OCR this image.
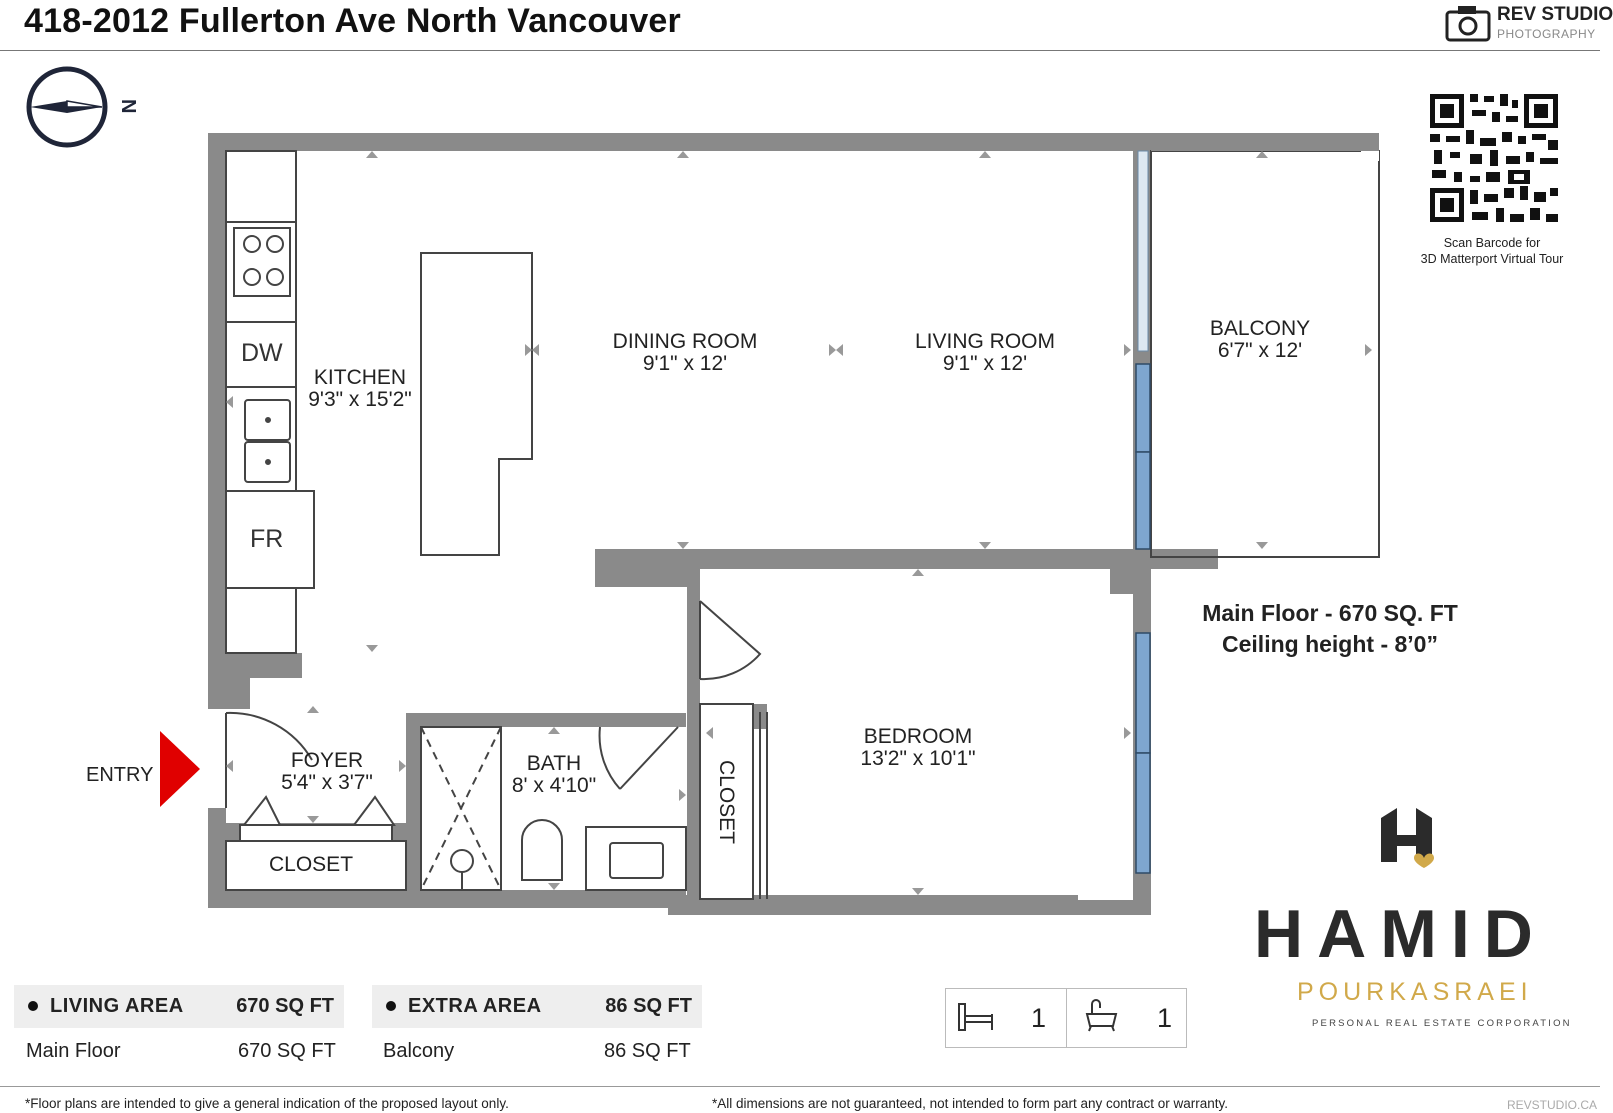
418-2012 Fullerton Ave North Vancouver	REV STUDIO
PHOTOGRAPHY
N
KITCHEN
9'3" x 15'2"
DINING ROOM
9'1" x 12'
LIVING ROOM
9'1" x 12'
BALCONY
6'7" x 12'
BEDROOM
13'2" x 10'1"
FOYER
5'4" x 3'7"
BATH
8' x 4'10"
DW
FR
CLOSET
CLOSET
ENTRY
Scan Barcode for
3D Matterport Virtual Tour
Main Floor - 670 SQ. FT
Ceiling height - 8’0”
LIVING AREA	670 SQ FT
Main Floor	670 SQ FT
EXTRA AREA	86 SQ FT
Balcony	86 SQ FT
1	1
HAMID
POURKASRAEI
PERSONAL REAL ESTATE CORPORATION
*Floor plans are intended to give a general indication of the proposed layout only.	*All dimensions are not guaranteed, not intended to form part any contract or warranty.	REVSTUDIO.CA
